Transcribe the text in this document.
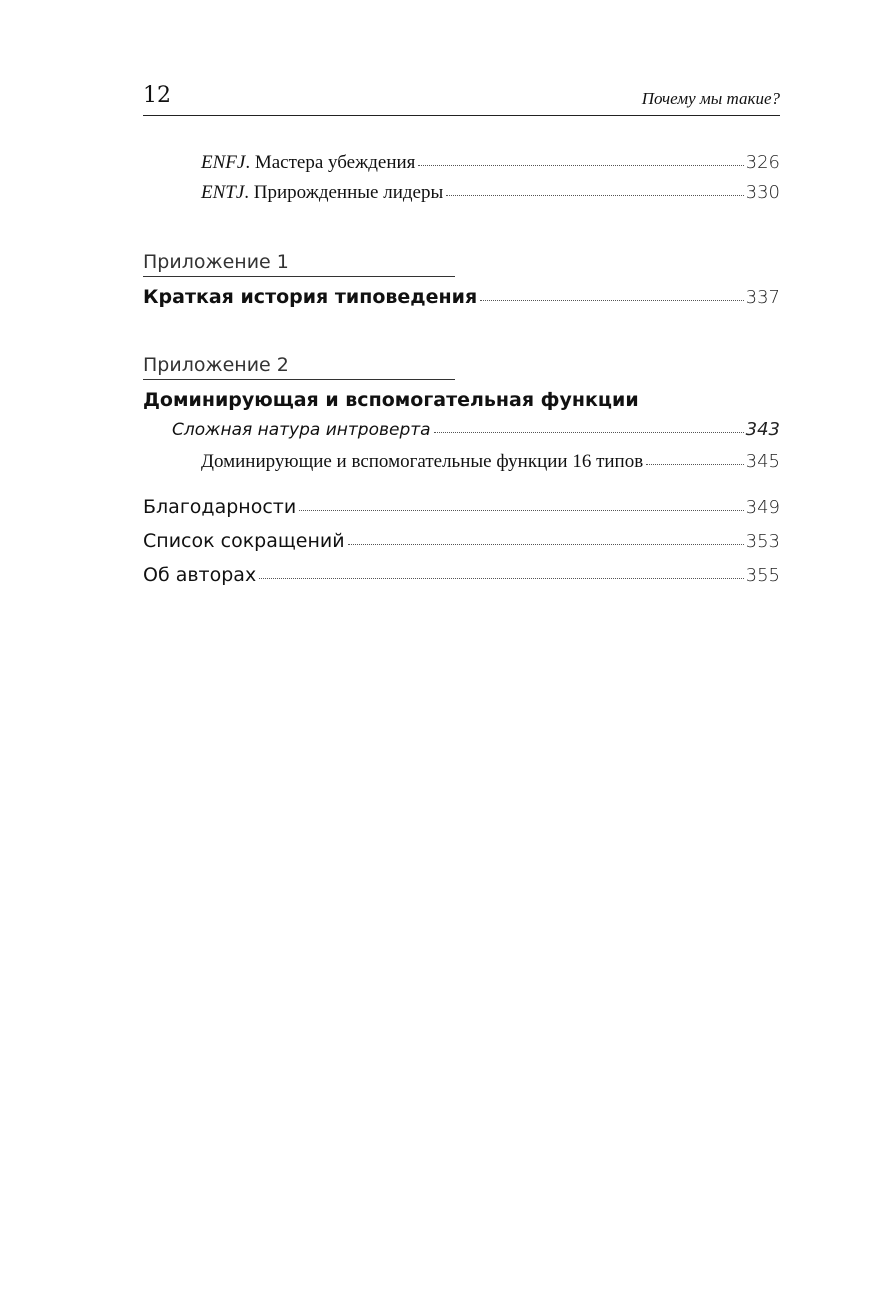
12	Почему мы такие?
ENFJ. Мастера убеждения	326
ENTJ. Прирожденные лидеры	330
Приложение 1
Краткая история типоведения	337
Приложение 2
Доминирующая и вспомогательная функции
Сложная натура интроверта	343
Доминирующие и вспомогательные функции 16 типов	345
Благодарности	349
Список сокращений	353
Об авторах	355
